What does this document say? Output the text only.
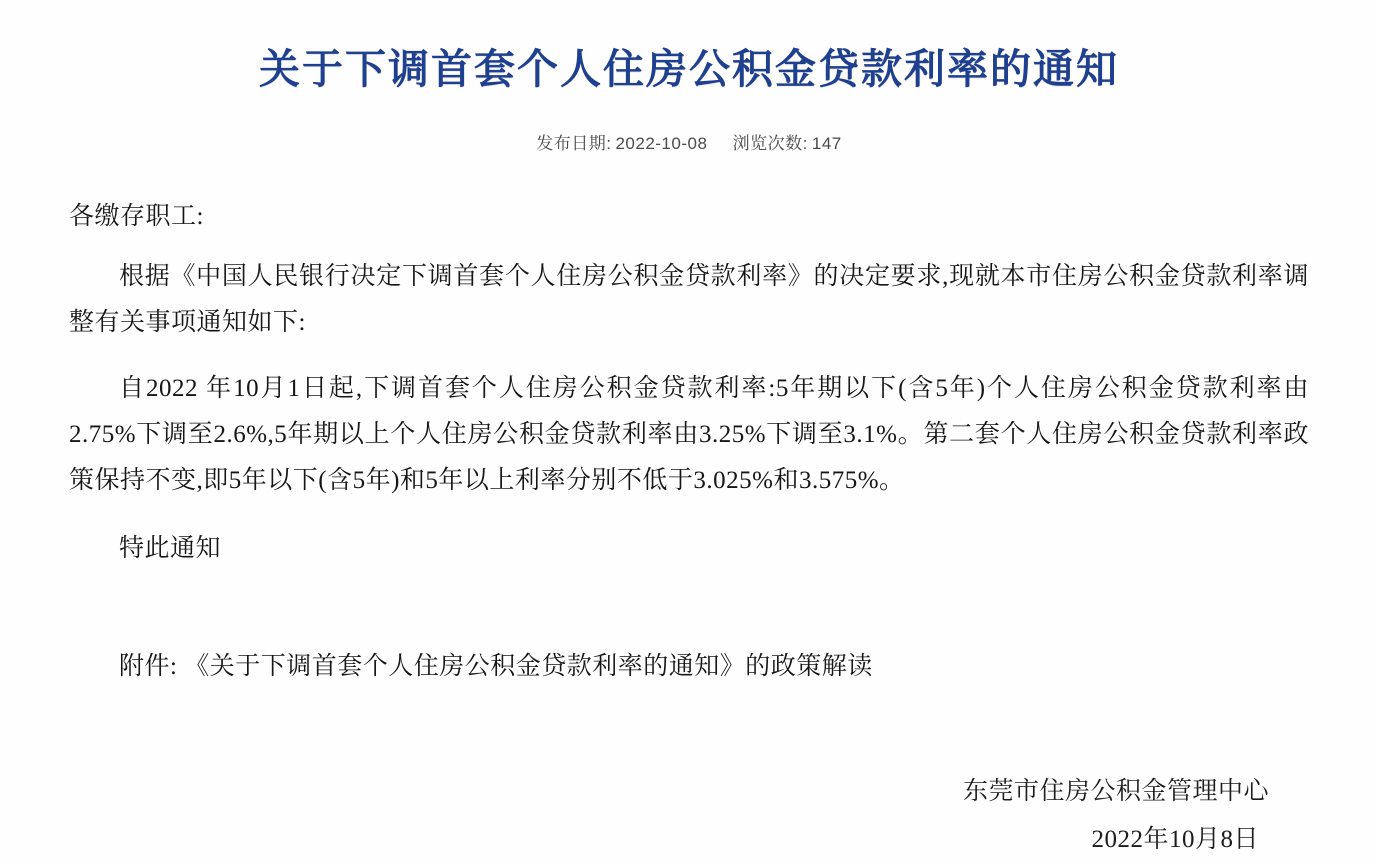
关于下调首套个人住房公积金贷款利率的通知
发布日期: 2022-10-08 浏览次数: 147

各缴存职工:

根据《中国人民银行决定下调首套个人住房公积金贷款利率》的决定要求,现就本市住房公积金贷款利率调整有关事项通知如下:

自2022 年10月1日起,下调首套个人住房公积金贷款利率:5年期以下(含5年)个人住房公积金贷款利率由2.75%下调至2.6%,5年期以上个人住房公积金贷款利率由3.25%下调至3.1%。第二套个人住房公积金贷款利率政策保持不变,即5年以下(含5年)和5年以上利率分别不低于3.025%和3.575%。

特此通知

附件: 《关于下调首套个人住房公积金贷款利率的通知》的政策解读

东莞市住房公积金管理中心
2022年10月8日
